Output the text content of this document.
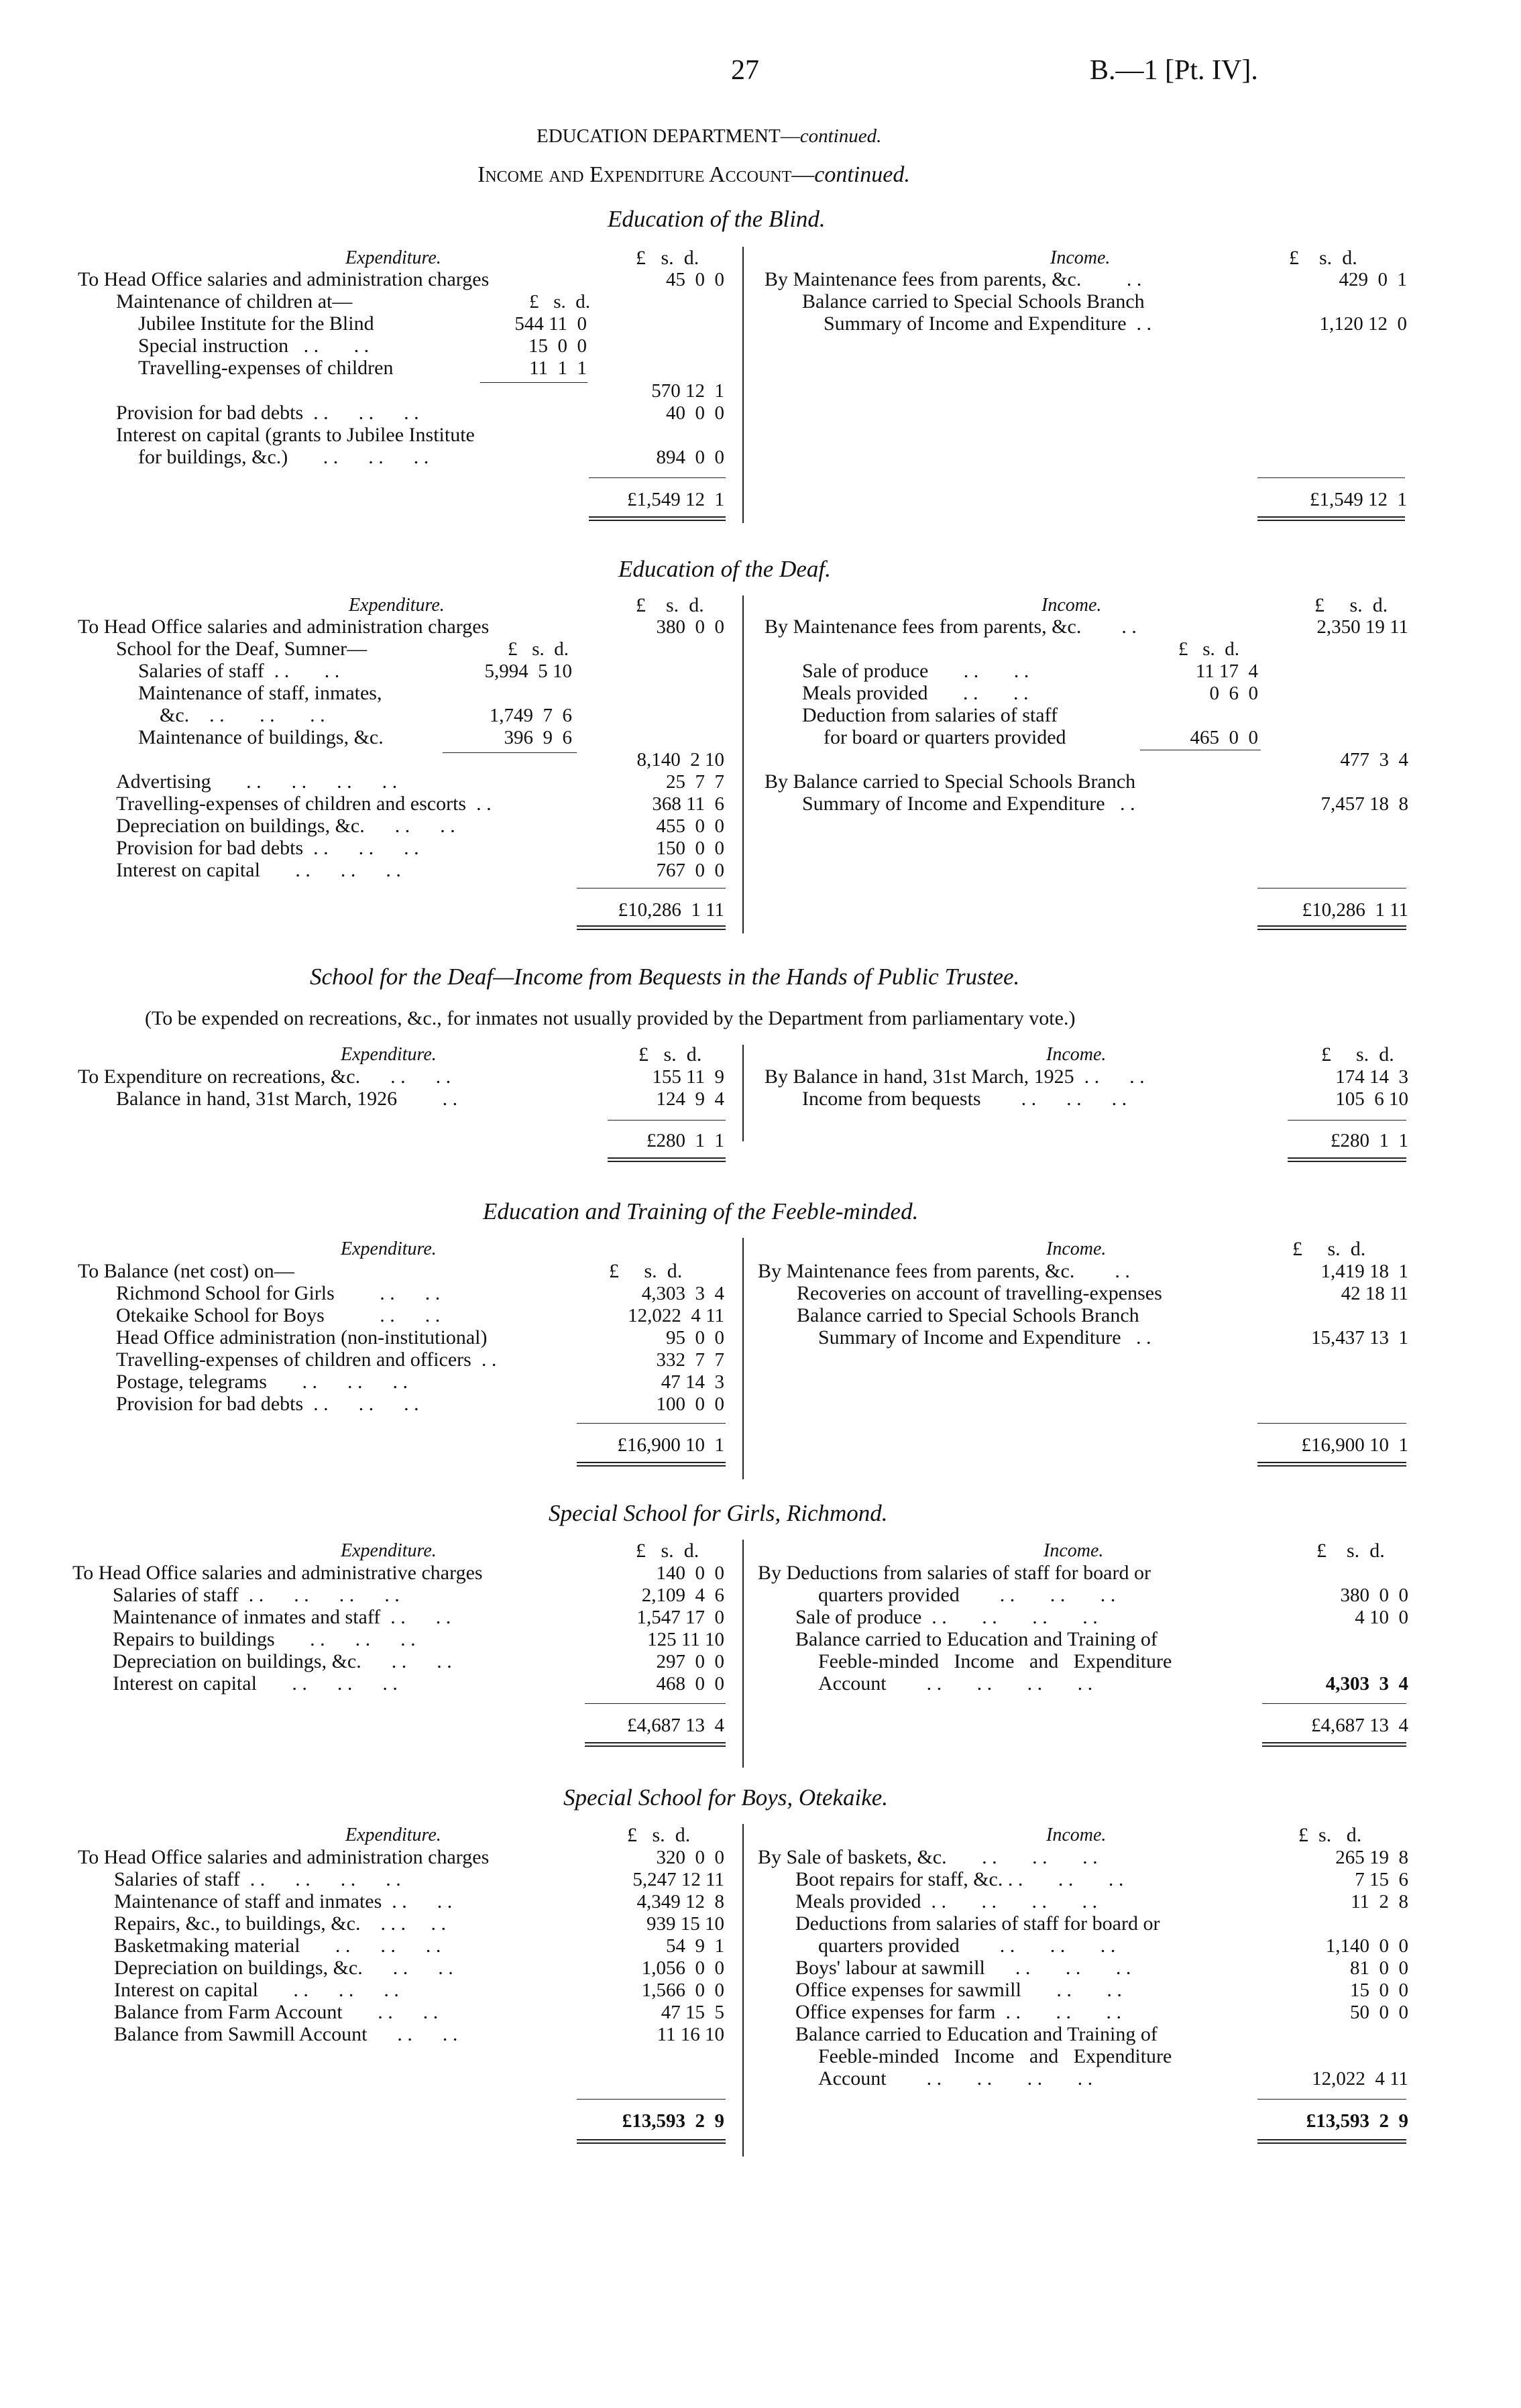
27	B.—1 [Pt. IV].
EDUCATION DEPARTMENT—continued.
Income and Expenditure Account—continued.
Education of the Blind.
Expenditure.	£ s. d.	Income.	£ s. d.
To Head Office salaries and administration charges	45  0  0
Maintenance of children at—	£   s.  d.
Jubilee Institute for the Blind	544 11  0
Special instruction   . .       . .	15  0  0
Travelling-expenses of children	11  1  1
570 12  1
Provision for bad debts  . .      . .      . .	40  0  0
Interest on capital (grants to Jubilee Institute
for buildings, &c.)       . .      . .      . .	894  0  0
£1,549 12  1
By Maintenance fees from parents, &c.         . .	429  0  1
Balance carried to Special Schools Branch
Summary of Income and Expenditure  . .	1,120 12  0
£1,549 12  1
Education of the Deaf.
Expenditure.	£ s. d.	Income.	£ s. d.
To Head Office salaries and administration charges	380  0  0
School for the Deaf, Sumner—	£   s.  d.
Salaries of staff  . .       . .	5,994  5 10
Maintenance of staff, inmates,
&c.    . .       . .       . .	1,749  7  6
Maintenance of buildings, &c.	396  9  6
8,140  2 10
Advertising       . .      . .      . .      . .	25  7  7
Travelling-expenses of children and escorts  . .	368 11  6
Depreciation on buildings, &c.      . .      . .	455  0  0
Provision for bad debts  . .      . .      . .	150  0  0
Interest on capital       . .      . .      . .	767  0  0
£10,286  1 11
By Maintenance fees from parents, &c.        . .	2,350 19 11
£   s.  d.
Sale of produce       . .       . .	11 17  4
Meals provided       . .       . .	0  6  0
Deduction from salaries of staff
for board or quarters provided	465  0  0
477  3  4
By Balance carried to Special Schools Branch
Summary of Income and Expenditure   . .	7,457 18  8
£10,286  1 11
School for the Deaf—Income from Bequests in the Hands of Public Trustee.
(To be expended on recreations, &c., for inmates not usually provided by the Department from parliamentary vote.)
Expenditure.	£ s. d.	Income.	£ s. d.
To Expenditure on recreations, &c.      . .      . .	155 11  9
Balance in hand, 31st March, 1926         . .	124  9  4
£280  1  1
By Balance in hand, 31st March, 1925  . .      . .	174 14  3
Income from bequests        . .      . .      . .	105  6 10
£280  1  1
Education and Training of the Feeble-minded.
Expenditure.	Income.	£ s. d.
To Balance (net cost) on—	£ s. d.
Richmond School for Girls         . .      . .	4,303  3  4
Otekaike School for Boys           . .      . .	12,022  4 11
Head Office administration (non-institutional)	95  0  0
Travelling-expenses of children and officers  . .	332  7  7
Postage, telegrams       . .      . .      . .	47 14  3
Provision for bad debts  . .      . .      . .	100  0  0
£16,900 10  1
By Maintenance fees from parents, &c.        . .	1,419 18  1
Recoveries on account of travelling-expenses	42 18 11
Balance carried to Special Schools Branch
Summary of Income and Expenditure   . .	15,437 13  1
£16,900 10  1
Special School for Girls, Richmond.
Expenditure.	£ s. d.	Income.	£ s. d.
To Head Office salaries and administrative charges	140  0  0
Salaries of staff  . .      . .      . .      . .	2,109  4  6
Maintenance of inmates and staff  . .      . .	1,547 17  0
Repairs to buildings       . .      . .      . .	125 11 10
Depreciation on buildings, &c.      . .      . .	297  0  0
Interest on capital       . .      . .      . .	468  0  0
£4,687 13  4
By Deductions from salaries of staff for board or
quarters provided        . .       . .       . .	380  0  0
Sale of produce  . .       . .       . .       . .	4 10  0
Balance carried to Education and Training of
Feeble-minded   Income   and   Expenditure
Account        . .       . .       . .       . .	4,303  3  4
£4,687 13  4
Special School for Boys, Otekaike.
Expenditure.	£ s. d.	Income.	£ s. d.
To Head Office salaries and administration charges	320  0  0
Salaries of staff  . .      . .      . .      . .	5,247 12 11
Maintenance of staff and inmates  . .      . .	4,349 12  8
Repairs, &c., to buildings, &c.    . . .     . .	939 15 10
Basketmaking material       . .      . .      . .	54  9  1
Depreciation on buildings, &c.      . .      . .	1,056  0  0
Interest on capital       . .      . .      . .	1,566  0  0
Balance from Farm Account       . .      . .	47 15  5
Balance from Sawmill Account      . .      . .	11 16 10
£13,593  2  9
By Sale of baskets, &c.       . .       . .       . .	265 19  8
Boot repairs for staff, &c. . .       . .       . .	7 15  6
Meals provided  . .       . .       . .       . .	11  2  8
Deductions from salaries of staff for board or
quarters provided        . .       . .       . .	1,140  0  0
Boys' labour at sawmill      . .       . .       . .	81  0  0
Office expenses for sawmill       . .       . .	15  0  0
Office expenses for farm  . .       . .       . .	50  0  0
Balance carried to Education and Training of
Feeble-minded   Income   and   Expenditure
Account        . .       . .       . .       . .	12,022  4 11
£13,593  2  9
